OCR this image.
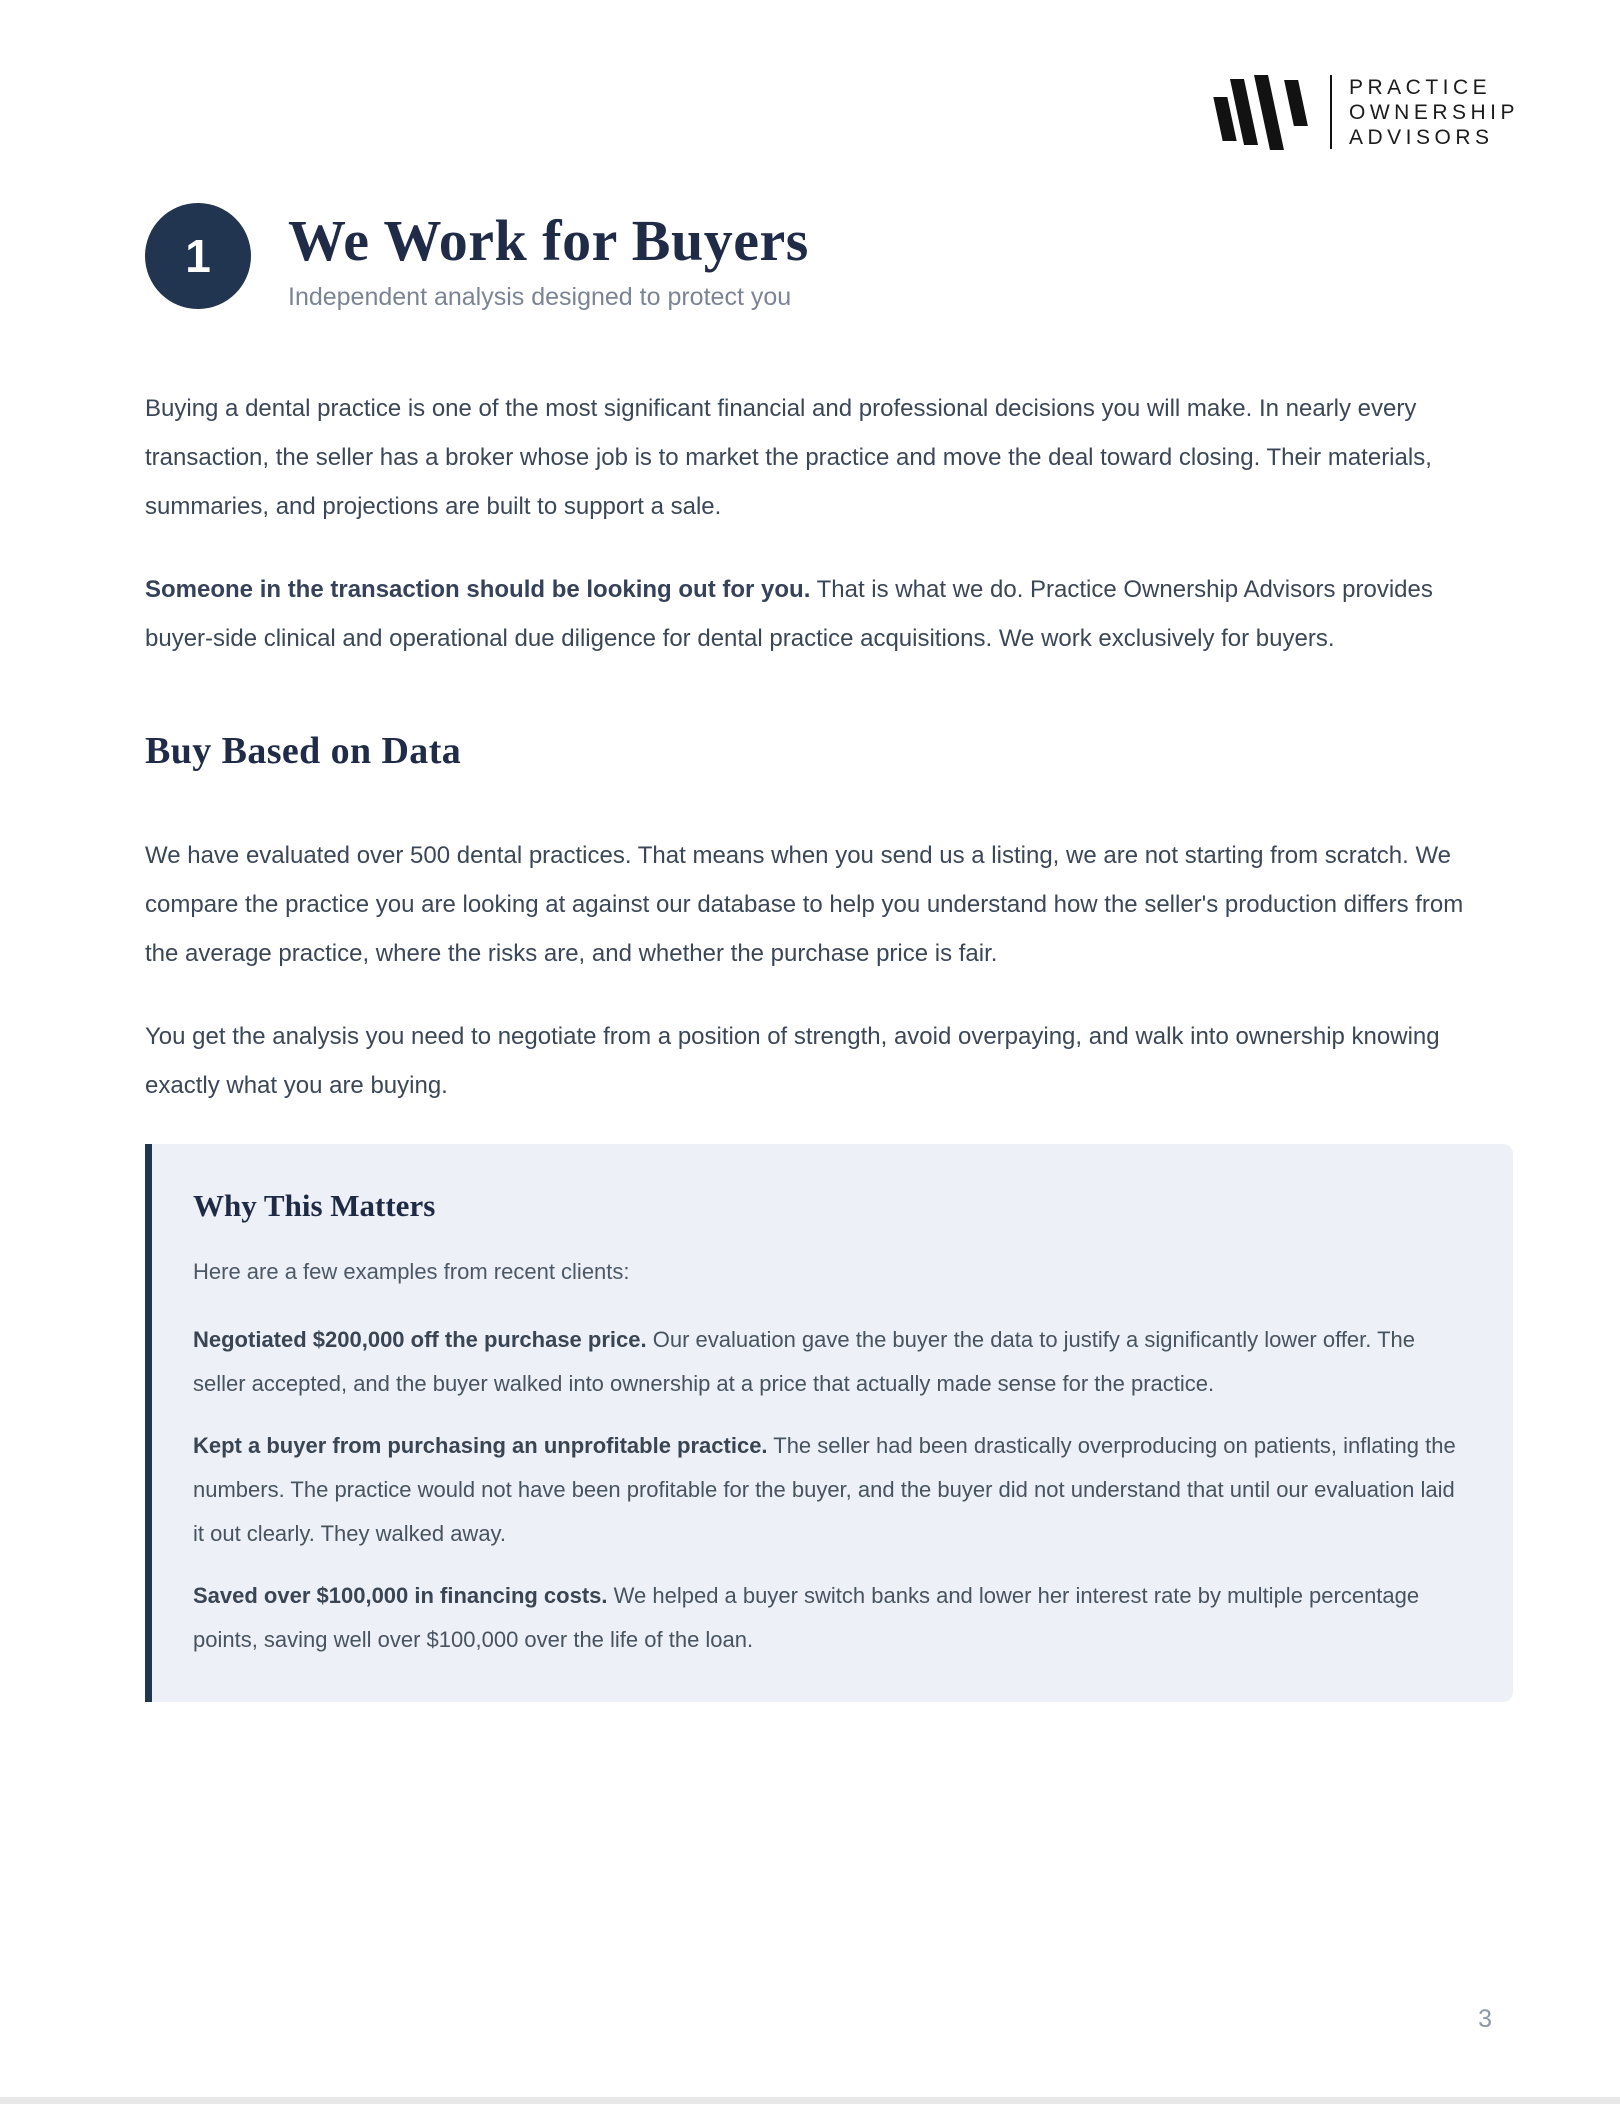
PRACTICE
OWNERSHIP
ADVISORS
1	We Work for Buyers
Independent analysis designed to protect you

Buying a dental practice is one of the most significant financial and professional decisions you will make. In nearly every transaction, the seller has a broker whose job is to market the practice and move the deal toward closing. Their materials, summaries, and projections are built to support a sale.

Someone in the transaction should be looking out for you. That is what we do. Practice Ownership Advisors provides buyer-side clinical and operational due diligence for dental practice acquisitions. We work exclusively for buyers.

Buy Based on Data

We have evaluated over 500 dental practices. That means when you send us a listing, we are not starting from scratch. We compare the practice you are looking at against our database to help you understand how the seller's production differs from the average practice, where the risks are, and whether the purchase price is fair.

You get the analysis you need to negotiate from a position of strength, avoid overpaying, and walk into ownership knowing exactly what you are buying.

Why This Matters

Here are a few examples from recent clients:

Negotiated $200,000 off the purchase price. Our evaluation gave the buyer the data to justify a significantly lower offer. The seller accepted, and the buyer walked into ownership at a price that actually made sense for the practice.

Kept a buyer from purchasing an unprofitable practice. The seller had been drastically overproducing on patients, inflating the numbers. The practice would not have been profitable for the buyer, and the buyer did not understand that until our evaluation laid it out clearly. They walked away.

Saved over $100,000 in financing costs. We helped a buyer switch banks and lower her interest rate by multiple percentage points, saving well over $100,000 over the life of the loan.

3
